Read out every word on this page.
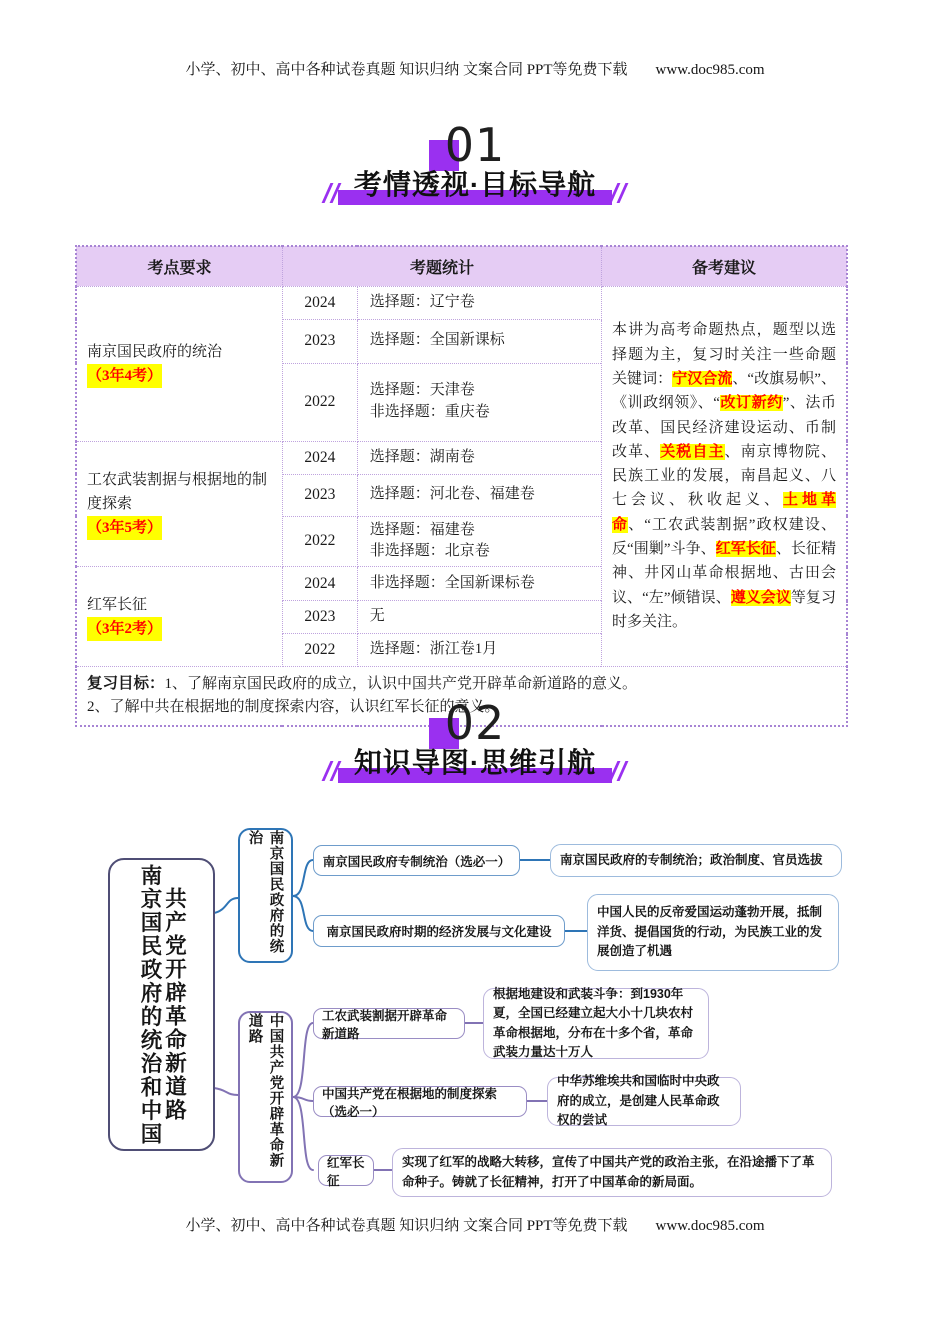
小学、初中、高中各种试卷真题 知识归纳 文案合同 PPT等免费下载 www.doc985.com
01
考情透视·目标导航
考点要求	考题统计		备考建议

南京国民政府的统治
（3年4考）	2024	选择题：辽宁卷	本讲为高考命题热点，题型以选择题为主，复习时关注一些命题关键词：宁汉合流、“改旗易帜”、《训政纲领》、“改订新约”、法币改革、国民经济建设运动、币制改革、关税自主、南京博物院、民族工业的发展，南昌起义、八七会议、秋收起义、土地革命、“工农武装割据”政权建设、反“围剿”斗争、红军长征、长征精神、井冈山革命根据地、古田会议、“左”倾错误、遵义会议等复习时多关注。
	2023	选择题：全国新课标	

	2022	选择题：天津卷
非选择题：重庆卷	

工农武装割据与根据地的制度探索
（3年5考）	2024	选择题：湖南卷	

	2023	选择题：河北卷、福建卷	

	2022	选择题：福建卷
非选择题：北京卷	

红军长征
（3年2考）	2024	非选择题：全国新课标卷	

	2023	无	

	2022	选择题：浙江卷1月	

复习目标：1、了解南京国民政府的成立，认识中国共产党开辟革命新道路的意义。
2、了解中共在根据地的制度探索内容，认识红军长征的意义。			
02
知识导图·思维引航
南京国民政府的统治和中国 共产党开辟革命新道路	南京国民政府的统治
中国共产党开辟革命新道路
南京国民政府专制统治（选必一）	南京国民政府的专制统治；政治制度、官员选拔
南京国民政府时期的经济发展与文化建设
中国人民的反帝爱国运动蓬勃开展，抵制洋货、提倡国货的行动，为民族工业的发展创造了机遇
工农武装割据开辟革命新道路
根据地建设和武装斗争：到1930年夏，全国已经建立起大小十几块农村革命根据地，分布在十多个省，革命武装力量达十万人
中国共产党在根据地的制度探索（选必一）
中华苏维埃共和国临时中央政府的成立，是创建人民革命政权的尝试
红军长征
实现了红军的战略大转移，宣传了中国共产党的政治主张，在沿途播下了革命种子。铸就了长征精神，打开了中国革命的新局面。
小学、初中、高中各种试卷真题 知识归纳 文案合同 PPT等免费下载 www.doc985.com
